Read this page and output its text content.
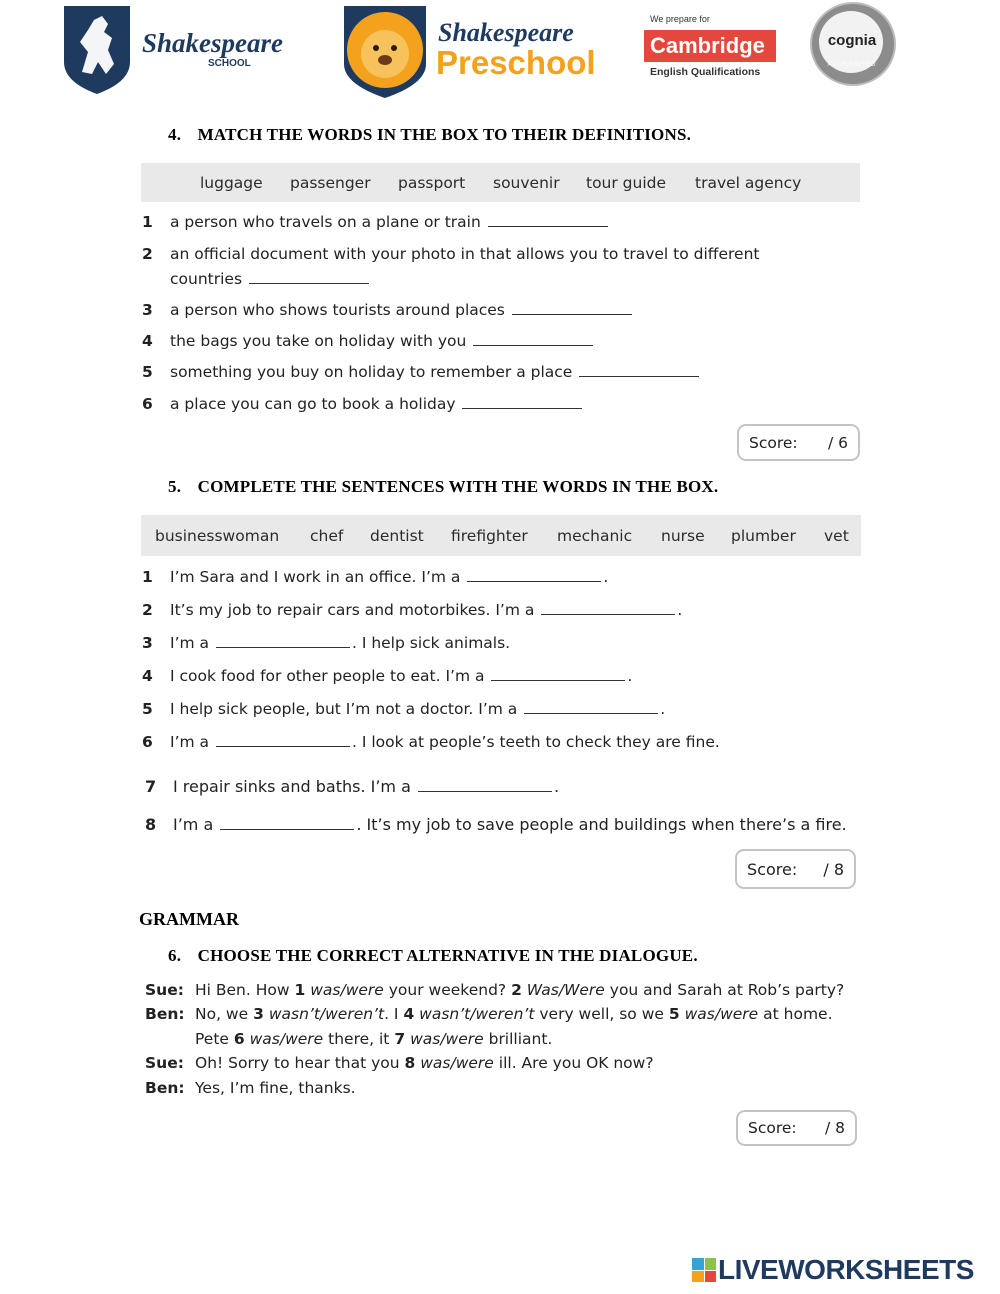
Shakespeare
SCHOOL
Shakespeare
Preschool
We prepare for
Cambridge
English Qualifications
cognia
ACCREDITED
4. MATCH THE WORDS IN THE BOX TO THEIR DEFINITIONS.
luggage passenger passport souvenir tour guide travel agency
1 a person who travels on a plane or train
2 an official document with your photo in that allows you to travel to different
countries
3 a person who shows tourists around places
4 the bags you take on holiday with you
5 something you buy on holiday to remember a place
6 a place you can go to book a holiday
Score: / 6
5. COMPLETE THE SENTENCES WITH THE WORDS IN THE BOX.
businesswoman chef dentist firefighter mechanic nurse plumber vet
1 I’m Sara and I work in an office. I’m a	.
2 It’s my job to repair cars and motorbikes. I’m a	.
3 I’m a	. I help sick animals.
4 I cook food for other people to eat. I’m a	.
5 I help sick people, but I’m not a doctor. I’m a	.
6 I’m a	. I look at people’s teeth to check they are fine.
7 I repair sinks and baths. I’m a	.
8 I’m a	. It’s my job to save people and buildings when there’s a fire.
Score: / 8
GRAMMAR
6. CHOOSE THE CORRECT ALTERNATIVE IN THE DIALOGUE.
Sue: Hi Ben. How 1 was/were your weekend? 2 Was/Were you and Sarah at Rob’s party?
Ben: No, we 3 wasn’t/weren’t. I 4 wasn’t/weren’t very well, so we 5 was/were at home.
Pete 6 was/were there, it 7 was/were brilliant.
Sue: Oh! Sorry to hear that you 8 was/were ill. Are you OK now?
Ben: Yes, I’m fine, thanks.
Score: / 8
LIVEWORKSHEETS
